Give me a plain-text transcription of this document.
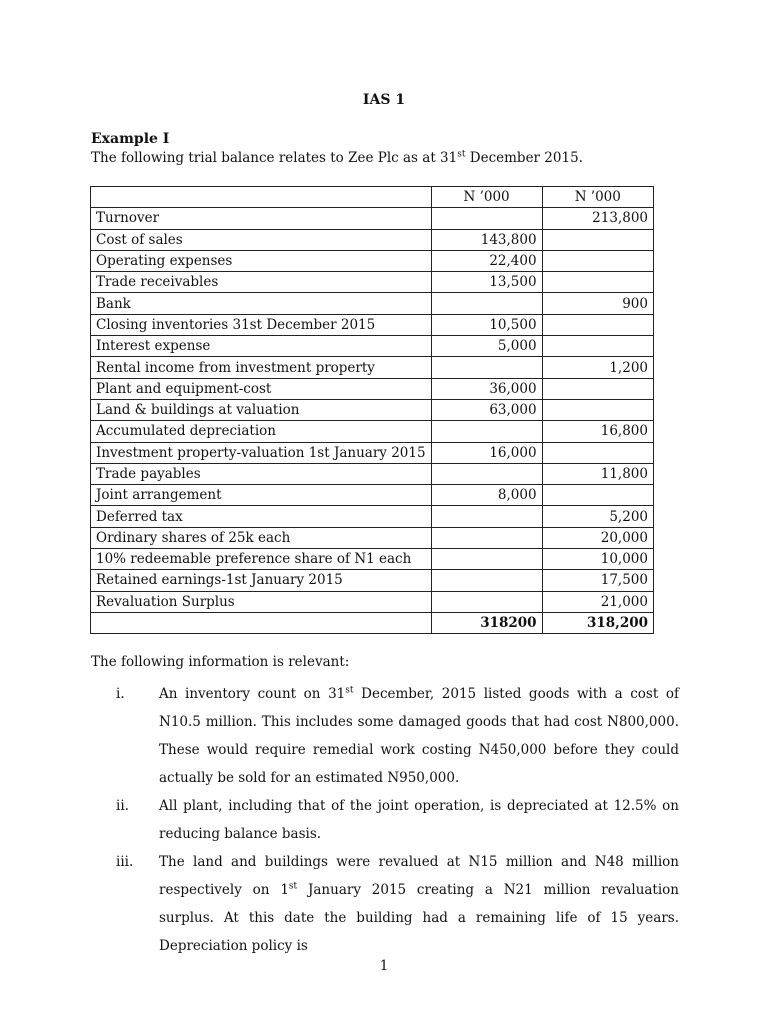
IAS 1
Example I
The following trial balance relates to Zee Plc as at 31st December 2015.
	N ’000	N ’000
Turnover		213,800
Cost of sales	143,800	
Operating expenses	22,400	
Trade receivables	13,500	
Bank		900
Closing inventories 31st December 2015	10,500	
Interest expense	5,000	
Rental income from investment property		1,200
Plant and equipment-cost	36,000	
Land & buildings at valuation	63,000	
Accumulated depreciation		16,800
Investment property-valuation 1st January 2015	16,000	
Trade payables		11,800
Joint arrangement	8,000	
Deferred tax		5,200
Ordinary shares of 25k each		20,000
10% redeemable preference share of N1 each		10,000
Retained earnings-1st January 2015		17,500
Revaluation Surplus		21,000
	318200	318,200
The following information is relevant:
i.	An inventory count on 31st December, 2015 listed goods with a cost of N10.5 million. This includes some damaged goods that had cost N800,000. These would require remedial work costing N450,000 before they could actually be sold for an estimated N950,000.
ii.	All plant, including that of the joint operation, is depreciated at 12.5% on reducing balance basis.
iii.	The land and buildings were revalued at N15 million and N48 million respectively on 1st January 2015 creating a N21 million revaluation surplus. At this date the building had a remaining life of 15 years. Depreciation policy is
1
